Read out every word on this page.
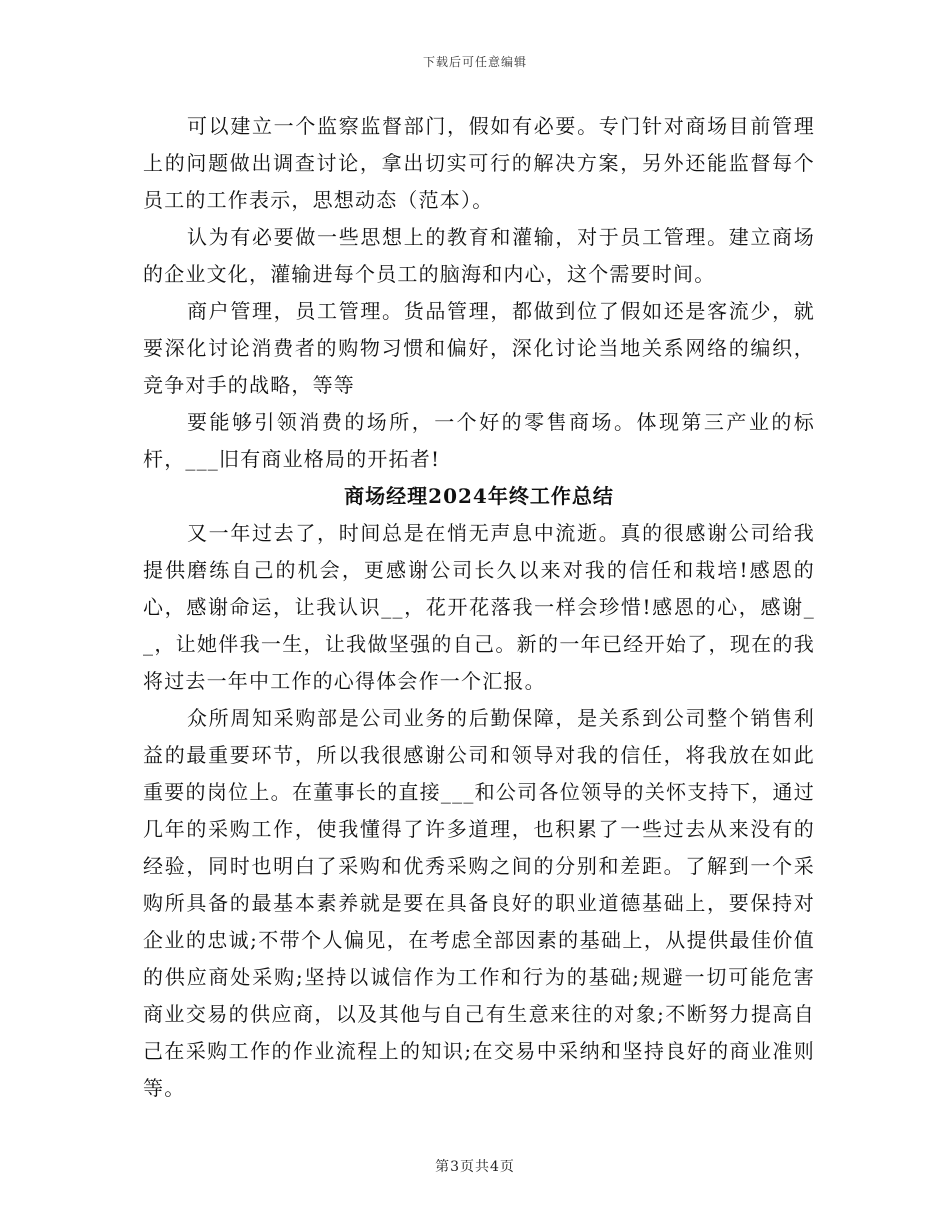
下载后可任意编辑

可以建立一个监察监督部门，假如有必要。专门针对商场目前管理上的问题做出调查讨论，拿出切实可行的解决方案，另外还能监督每个员工的工作表示，思想动态（范本）。

认为有必要做一些思想上的教育和灌输，对于员工管理。建立商场的企业文化，灌输进每个员工的脑海和内心，这个需要时间。

商户管理，员工管理。货品管理，都做到位了假如还是客流少，就要深化讨论消费者的购物习惯和偏好，深化讨论当地关系网络的编织，竞争对手的战略，等等

要能够引领消费的场所，一个好的零售商场。体现第三产业的标杆，___旧有商业格局的开拓者!

商场经理2024年终工作总结

又一年过去了，时间总是在悄无声息中流逝。真的很感谢公司给我提供磨练自己的机会，更感谢公司长久以来对我的信任和栽培!感恩的心，感谢命运，让我认识__，花开花落我一样会珍惜!感恩的心，感谢__，让她伴我一生，让我做坚强的自己。新的一年已经开始了，现在的我将过去一年中工作的心得体会作一个汇报。

众所周知采购部是公司业务的后勤保障，是关系到公司整个销售利益的最重要环节，所以我很感谢公司和领导对我的信任，将我放在如此重要的岗位上。在董事长的直接___和公司各位领导的关怀支持下，通过几年的采购工作，使我懂得了许多道理，也积累了一些过去从来没有的经验，同时也明白了采购和优秀采购之间的分别和差距。了解到一个采购所具备的最基本素养就是要在具备良好的职业道德基础上，要保持对企业的忠诚;不带个人偏见，在考虑全部因素的基础上，从提供最佳价值的供应商处采购;坚持以诚信作为工作和行为的基础;规避一切可能危害商业交易的供应商，以及其他与自己有生意来往的对象;不断努力提高自己在采购工作的作业流程上的知识;在交易中采纳和坚持良好的商业准则等。

第3页共4页
